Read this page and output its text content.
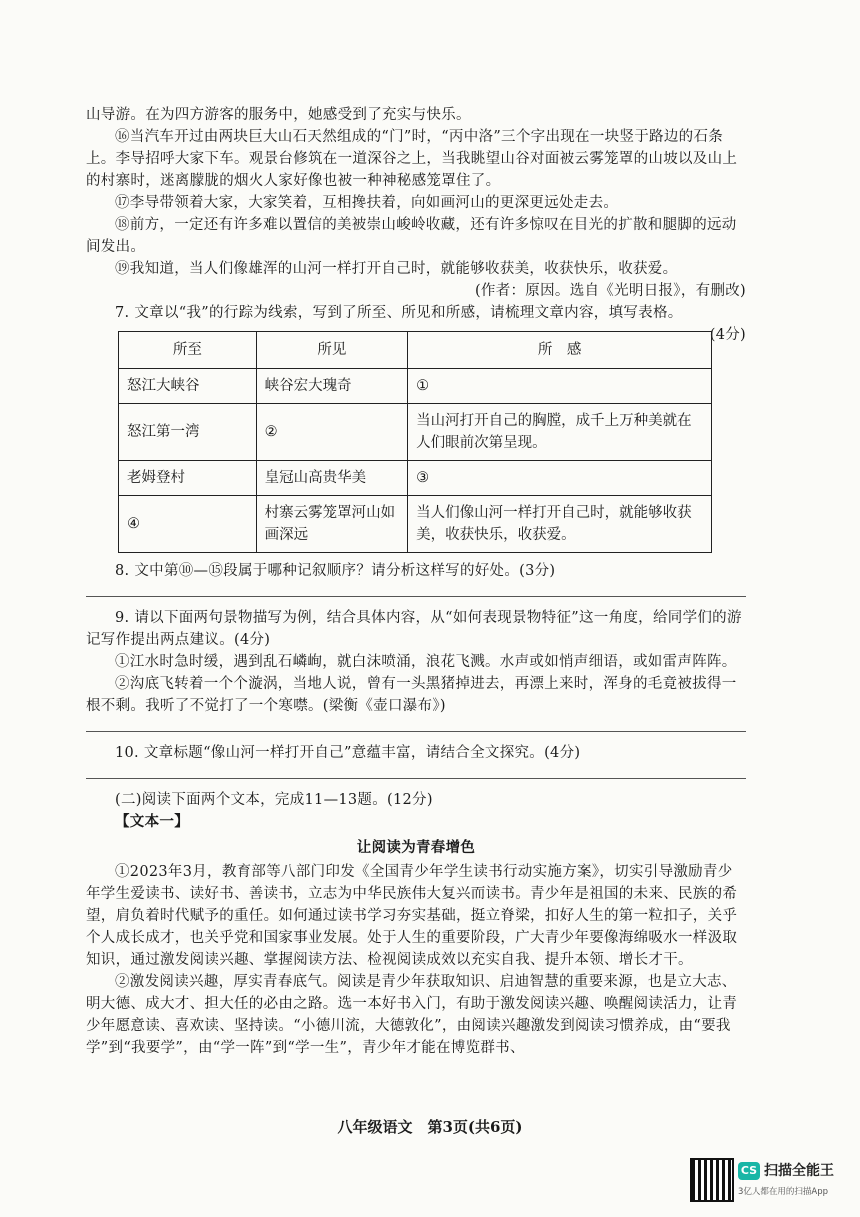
山导游。在为四方游客的服务中，她感受到了充实与快乐。

⑯当汽车开过由两块巨大山石天然组成的“门”时，“丙中洛”三个字出现在一块竖于路边的石条上。李导招呼大家下车。观景台修筑在一道深谷之上，当我眺望山谷对面被云雾笼罩的山坡以及山上的村寨时，迷离朦胧的烟火人家好像也被一种神秘感笼罩住了。

⑰李导带领着大家，大家笑着，互相搀扶着，向如画河山的更深更远处走去。

⑱前方，一定还有许多难以置信的美被崇山峻岭收藏，还有许多惊叹在目光的扩散和腿脚的远动间发出。

⑲我知道，当人们像雄浑的山河一样打开自己时，就能够收获美，收获快乐，收获爱。

(作者：原因。选自《光明日报》，有删改)

7. 文章以“我”的行踪为线索，写到了所至、所见和所感，请梳理文章内容，填写表格。

(4分)

所至	所见	所　感
怒江大峡谷	峡谷宏大瑰奇	①
怒江第一湾	②	当山河打开自己的胸膛，成千上万种美就在人们眼前次第呈现。
老姆登村	皇冠山高贵华美	③
④	村寨云雾笼罩河山如画深远	当人们像山河一样打开自己时，就能够收获美，收获快乐，收获爱。

8. 文中第⑩—⑮段属于哪种记叙顺序？请分析这样写的好处。(3分)

9. 请以下面两句景物描写为例，结合具体内容，从“如何表现景物特征”这一角度，给同学们的游记写作提出两点建议。(4分)

①江水时急时缓，遇到乱石嶙峋，就白沫喷涌，浪花飞溅。水声或如悄声细语，或如雷声阵阵。

②沟底飞转着一个个漩涡，当地人说，曾有一头黑猪掉进去，再漂上来时，浑身的毛竟被拔得一根不剩。我听了不觉打了一个寒噤。(梁衡《壶口瀑布》)

10. 文章标题“像山河一样打开自己”意蕴丰富，请结合全文探究。(4分)

(二)阅读下面两个文本，完成11—13题。(12分)

【文本一】

让阅读为青春增色

①2023年3月，教育部等八部门印发《全国青少年学生读书行动实施方案》，切实引导激励青少年学生爱读书、读好书、善读书，立志为中华民族伟大复兴而读书。青少年是祖国的未来、民族的希望，肩负着时代赋予的重任。如何通过读书学习夯实基础，挺立脊梁，扣好人生的第一粒扣子，关乎个人成长成才，也关乎党和国家事业发展。处于人生的重要阶段，广大青少年要像海绵吸水一样汲取知识，通过激发阅读兴趣、掌握阅读方法、检视阅读成效以充实自我、提升本领、增长才干。

②激发阅读兴趣，厚实青春底气。阅读是青少年获取知识、启迪智慧的重要来源，也是立大志、明大德、成大才、担大任的必由之路。选一本好书入门，有助于激发阅读兴趣、唤醒阅读活力，让青少年愿意读、喜欢读、坚持读。“小德川流，大德敦化”，由阅读兴趣激发到阅读习惯养成，由“要我学”到“我要学”，由“学一阵”到“学一生”，青少年才能在博览群书、

八年级语文　第3页(共6页)
CS 扫描全能王
3亿人都在用的扫描App
